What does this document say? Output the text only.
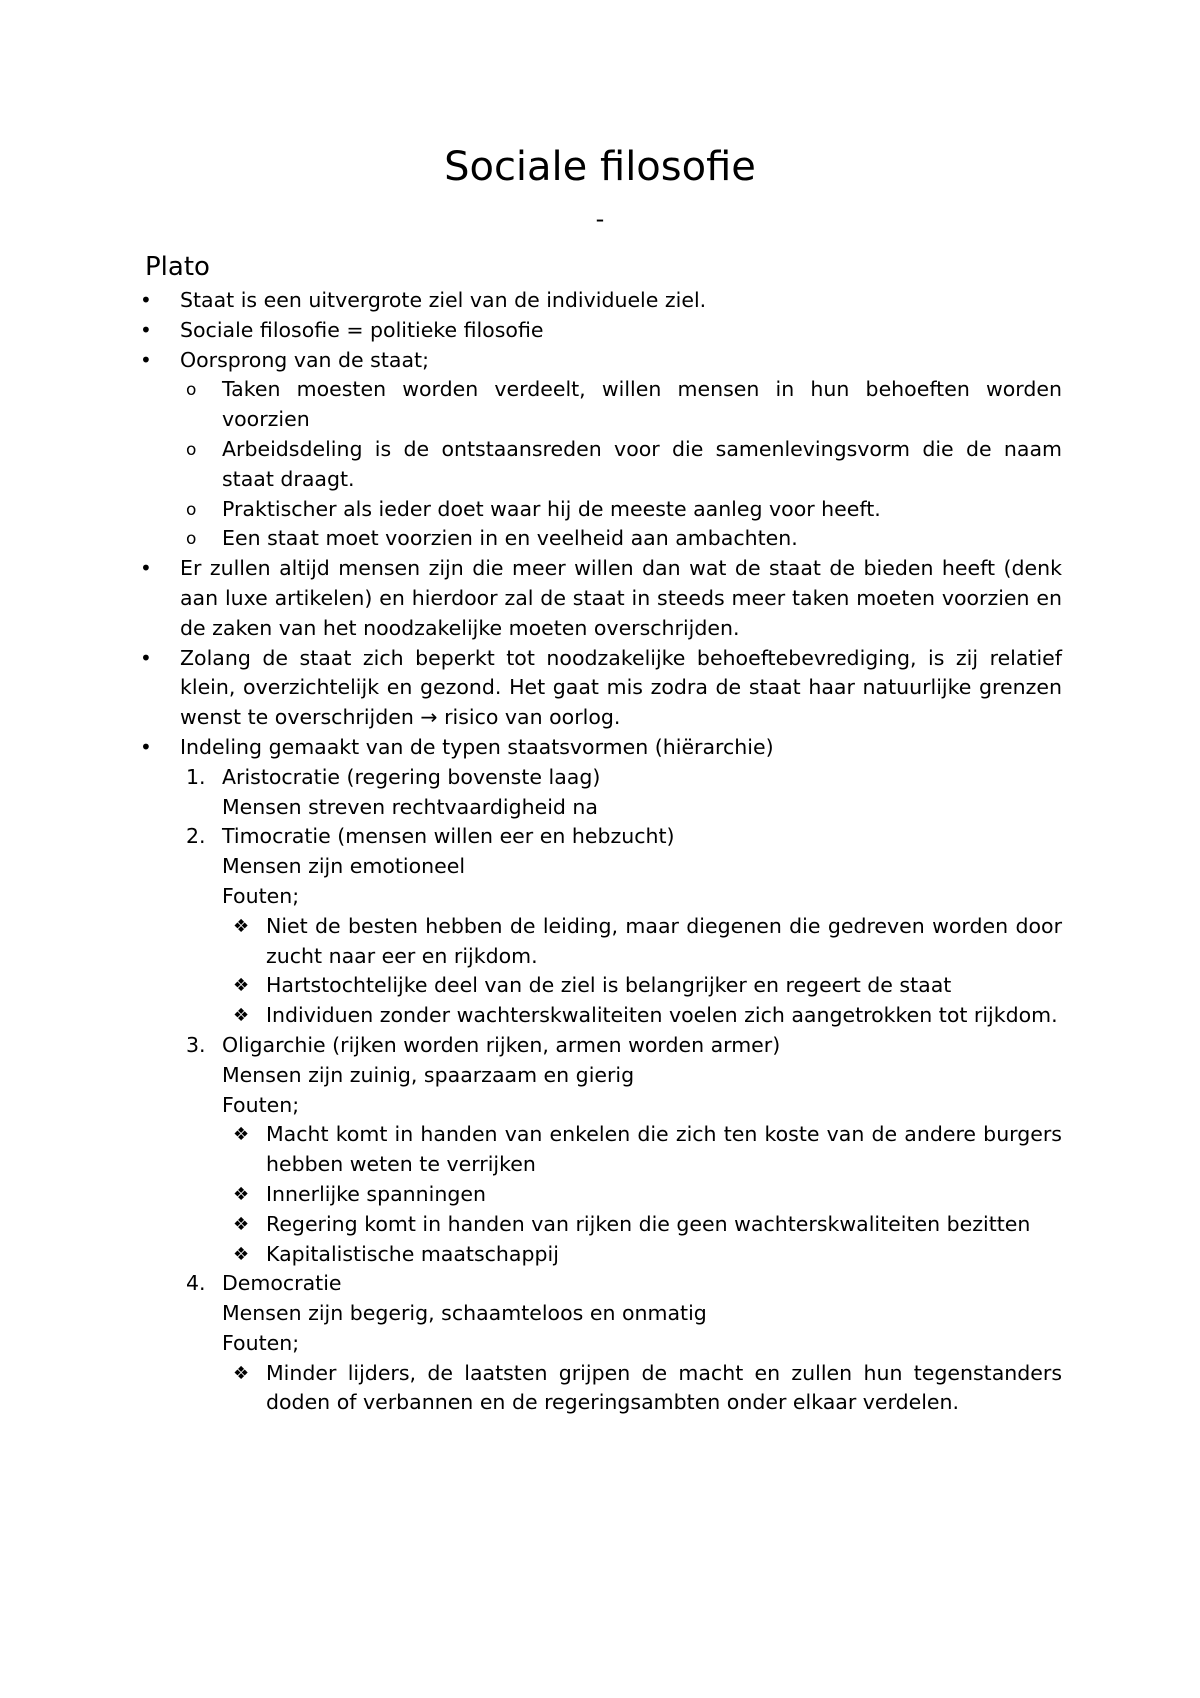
Sociale filosofie
-
Plato
• Staat is een uitvergrote ziel van de individuele ziel.
• Sociale filosofie = politieke filosofie
• Oorsprong van de staat;
o Taken moesten worden verdeelt, willen mensen in hun behoeften worden voorzien
o Arbeidsdeling is de ontstaansreden voor die samenlevingsvorm die de naam staat draagt.
o Praktischer als ieder doet waar hij de meeste aanleg voor heeft.
o Een staat moet voorzien in en veelheid aan ambachten.
• Er zullen altijd mensen zijn die meer willen dan wat de staat de bieden heeft (denk aan luxe artikelen) en hierdoor zal de staat in steeds meer taken moeten voorzien en de zaken van het noodzakelijke moeten overschrijden.
• Zolang de staat zich beperkt tot noodzakelijke behoeftebevrediging, is zij relatief klein, overzichtelijk en gezond. Het gaat mis zodra de staat haar natuurlijke grenzen wenst te overschrijden → risico van oorlog.
• Indeling gemaakt van de typen staatsvormen (hiërarchie)
1. Aristocratie (regering bovenste laag)
Mensen streven rechtvaardigheid na
2. Timocratie (mensen willen eer en hebzucht)
Mensen zijn emotioneel
Fouten;
❖ Niet de besten hebben de leiding, maar diegenen die gedreven worden door zucht naar eer en rijkdom.
❖ Hartstochtelijke deel van de ziel is belangrijker en regeert de staat
❖ Individuen zonder wachterskwaliteiten voelen zich aangetrokken tot rijkdom.
3. Oligarchie (rijken worden rijken, armen worden armer)
Mensen zijn zuinig, spaarzaam en gierig
Fouten;
❖ Macht komt in handen van enkelen die zich ten koste van de andere burgers hebben weten te verrijken
❖ Innerlijke spanningen
❖ Regering komt in handen van rijken die geen wachterskwaliteiten bezitten
❖ Kapitalistische maatschappij
4. Democratie
Mensen zijn begerig, schaamteloos en onmatig
Fouten;
❖ Minder lijders, de laatsten grijpen de macht en zullen hun tegenstanders doden of verbannen en de regeringsambten onder elkaar verdelen.
